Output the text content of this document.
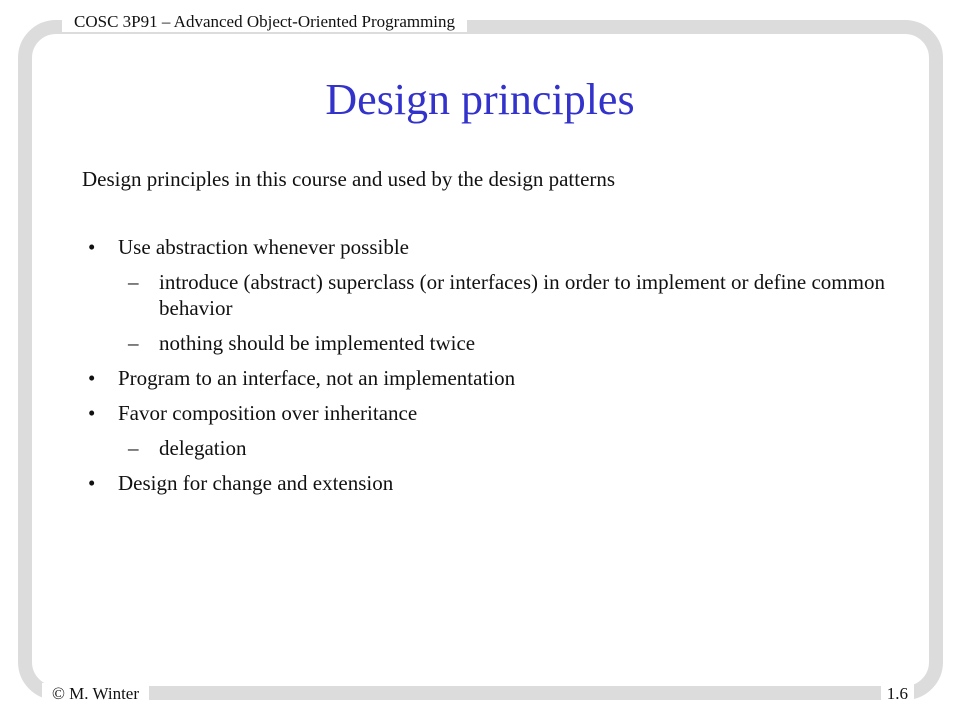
COSC 3P91 – Advanced Object-Oriented Programming
Design principles

Design principles in this course and used by the design patterns

• Use abstraction whenever possible
– introduce (abstract) superclass (or interfaces) in order to implement or define common behavior
– nothing should be implemented twice
• Program to an interface, not an implementation
• Favor composition over inheritance
– delegation
• Design for change and extension
© M. Winter	1.6
